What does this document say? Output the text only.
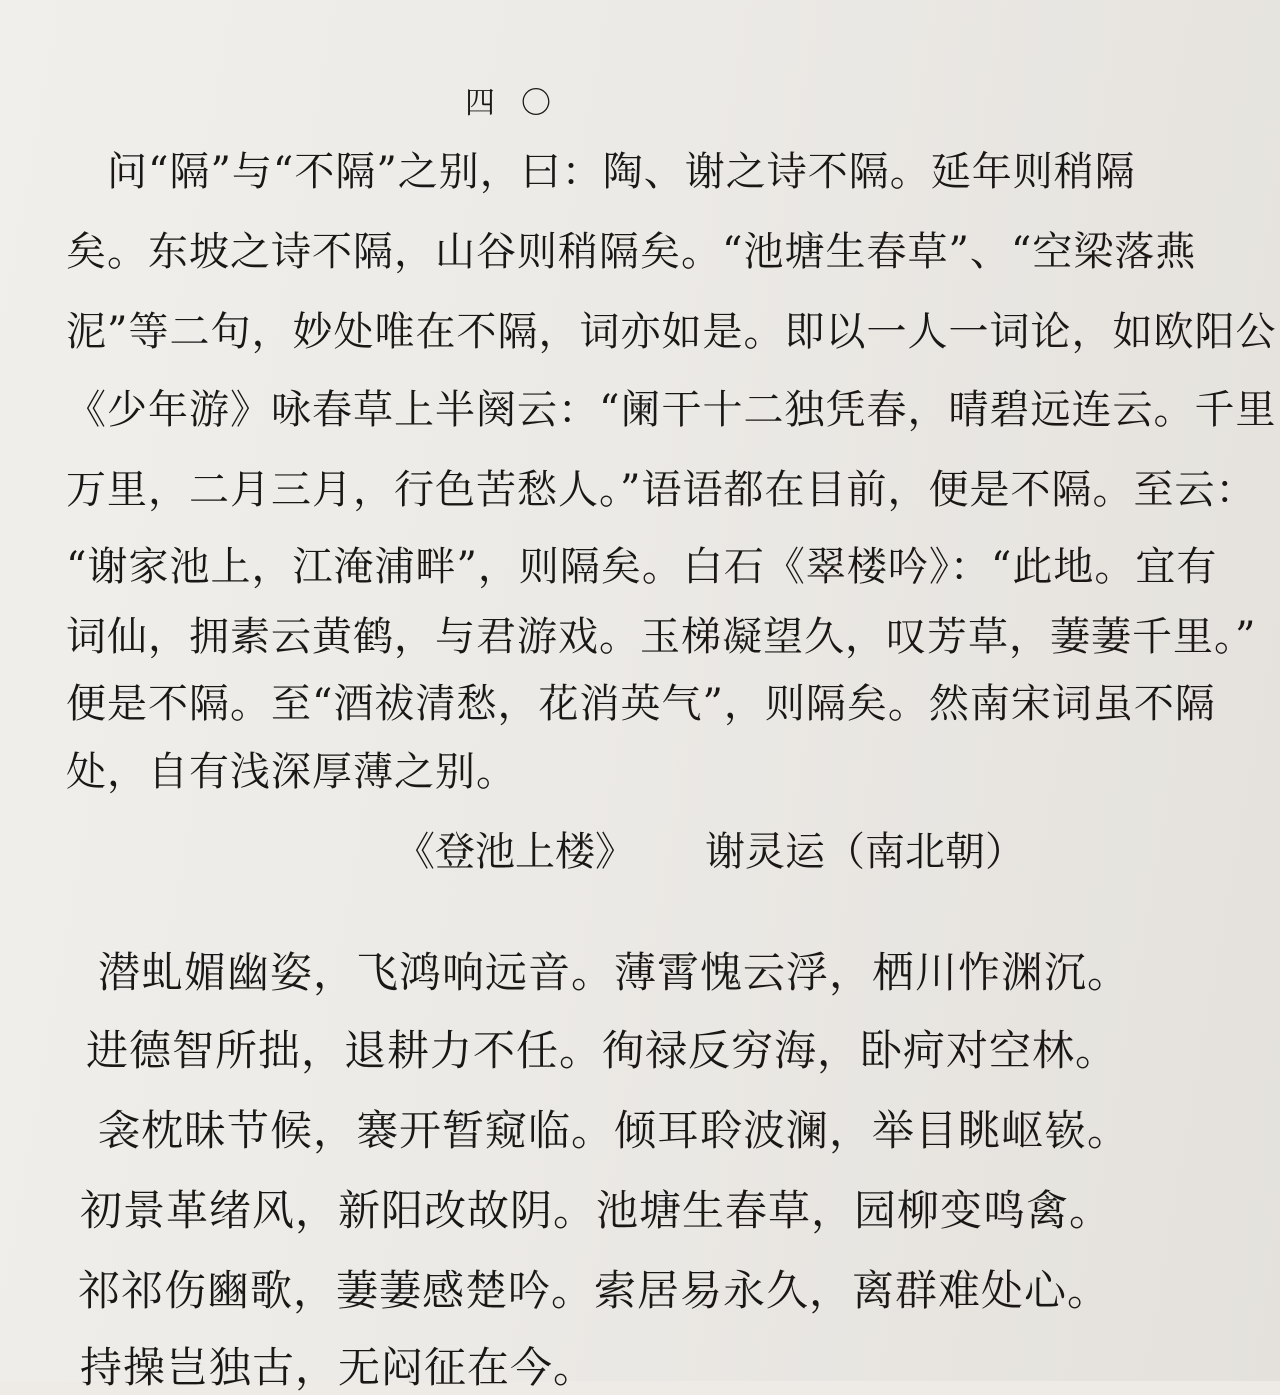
四〇
　问“隔”与“不隔”之别，曰：陶、谢之诗不隔。延年则稍隔
矣。东坡之诗不隔，山谷则稍隔矣。“池塘生春草”、“空梁落燕
泥”等二句，妙处唯在不隔，词亦如是。即以一人一词论，如欧阳公
《少年游》咏春草上半阕云：“阑干十二独凭春，晴碧远连云。千里
万里，二月三月，行色苦愁人。”语语都在目前，便是不隔。至云：
“谢家池上，江淹浦畔”，则隔矣。白石《翠楼吟》：“此地。宜有
词仙，拥素云黄鹤，与君游戏。玉梯凝望久，叹芳草，萋萋千里。”
便是不隔。至“酒祓清愁，花消英气”，则隔矣。然南宋词虽不隔
处，自有浅深厚薄之别。
《登池上楼》 谢灵运（南北朝）
潜虬媚幽姿，飞鸿响远音。薄霄愧云浮，栖川怍渊沉。
进德智所拙，退耕力不任。徇禄反穷海，卧疴对空林。
衾枕昧节候，褰开暂窥临。倾耳聆波澜，举目眺岖嵚。
初景革绪风，新阳改故阴。池塘生春草，园柳变鸣禽。
祁祁伤豳歌，萋萋感楚吟。索居易永久，离群难处心。
持操岂独古，无闷征在今。
